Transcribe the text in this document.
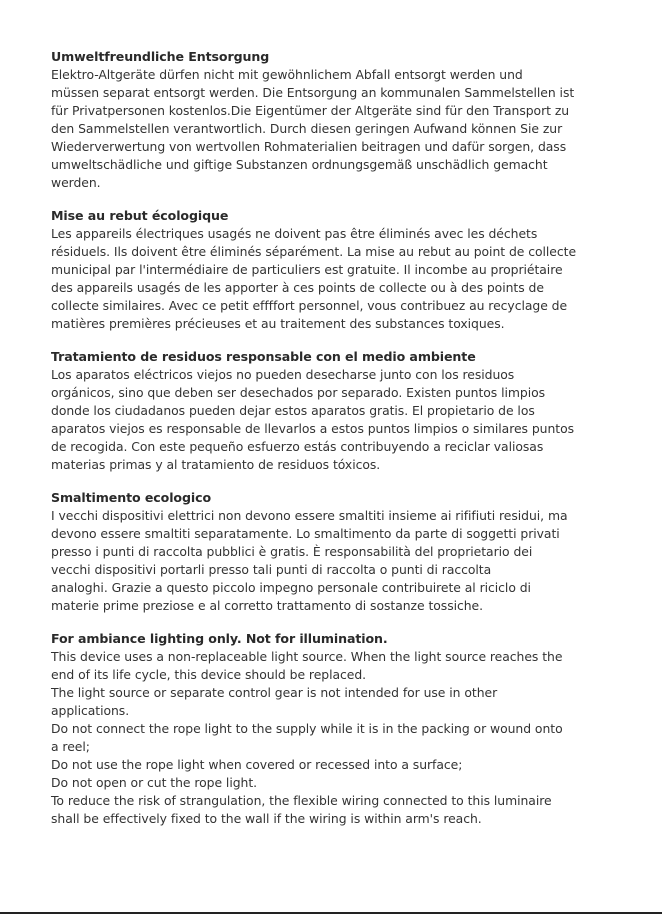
Umweltfreundliche Entsorgung

Elektro-Altgeräte dürfen nicht mit gewöhnlichem Abfall entsorgt werden und
müssen separat entsorgt werden. Die Entsorgung an kommunalen Sammelstellen ist
für Privatpersonen kostenlos.Die Eigentümer der Altgeräte sind für den Transport zu
den Sammelstellen verantwortlich. Durch diesen geringen Aufwand können Sie zur
Wiederverwertung von wertvollen Rohmaterialien beitragen und dafür sorgen, dass
umweltschädliche und giftige Substanzen ordnungsgemäß unschädlich gemacht
werden.

Mise au rebut écologique

Les appareils électriques usagés ne doivent pas être éliminés avec les déchets
résiduels. Ils doivent être éliminés séparément. La mise au rebut au point de collecte
municipal par l'intermédiaire de particuliers est gratuite. Il incombe au propriétaire
des appareils usagés de les apporter à ces points de collecte ou à des points de
collecte similaires. Avec ce petit effffort personnel, vous contribuez au recyclage de
matières premières précieuses et au traitement des substances toxiques.

Tratamiento de residuos responsable con el medio ambiente

Los aparatos eléctricos viejos no pueden desecharse junto con los residuos
orgánicos, sino que deben ser desechados por separado. Existen puntos limpios
donde los ciudadanos pueden dejar estos aparatos gratis. El propietario de los
aparatos viejos es responsable de llevarlos a estos puntos limpios o similares puntos
de recogida. Con este pequeño esfuerzo estás contribuyendo a reciclar valiosas
materias primas y al tratamiento de residuos tóxicos.

Smaltimento ecologico

I vecchi dispositivi elettrici non devono essere smaltiti insieme ai rififiuti residui, ma
devono essere smaltiti separatamente. Lo smaltimento da parte di soggetti privati
presso i punti di raccolta pubblici è gratis. È responsabilità del proprietario dei
vecchi dispositivi portarli presso tali punti di raccolta o punti di raccolta
analoghi. Grazie a questo piccolo impegno personale contribuirete al riciclo di
materie prime preziose e al corretto trattamento di sostanze tossiche.

For ambiance lighting only. Not for illumination.

This device uses a non-replaceable light source. When the light source reaches the
end of its life cycle, this device should be replaced.
The light source or separate control gear is not intended for use in other
applications.
Do not connect the rope light to the supply while it is in the packing or wound onto
a reel;
Do not use the rope light when covered or recessed into a surface;
Do not open or cut the rope light.
To reduce the risk of strangulation, the flexible wiring connected to this luminaire
shall be effectively fixed to the wall if the wiring is within arm's reach.
